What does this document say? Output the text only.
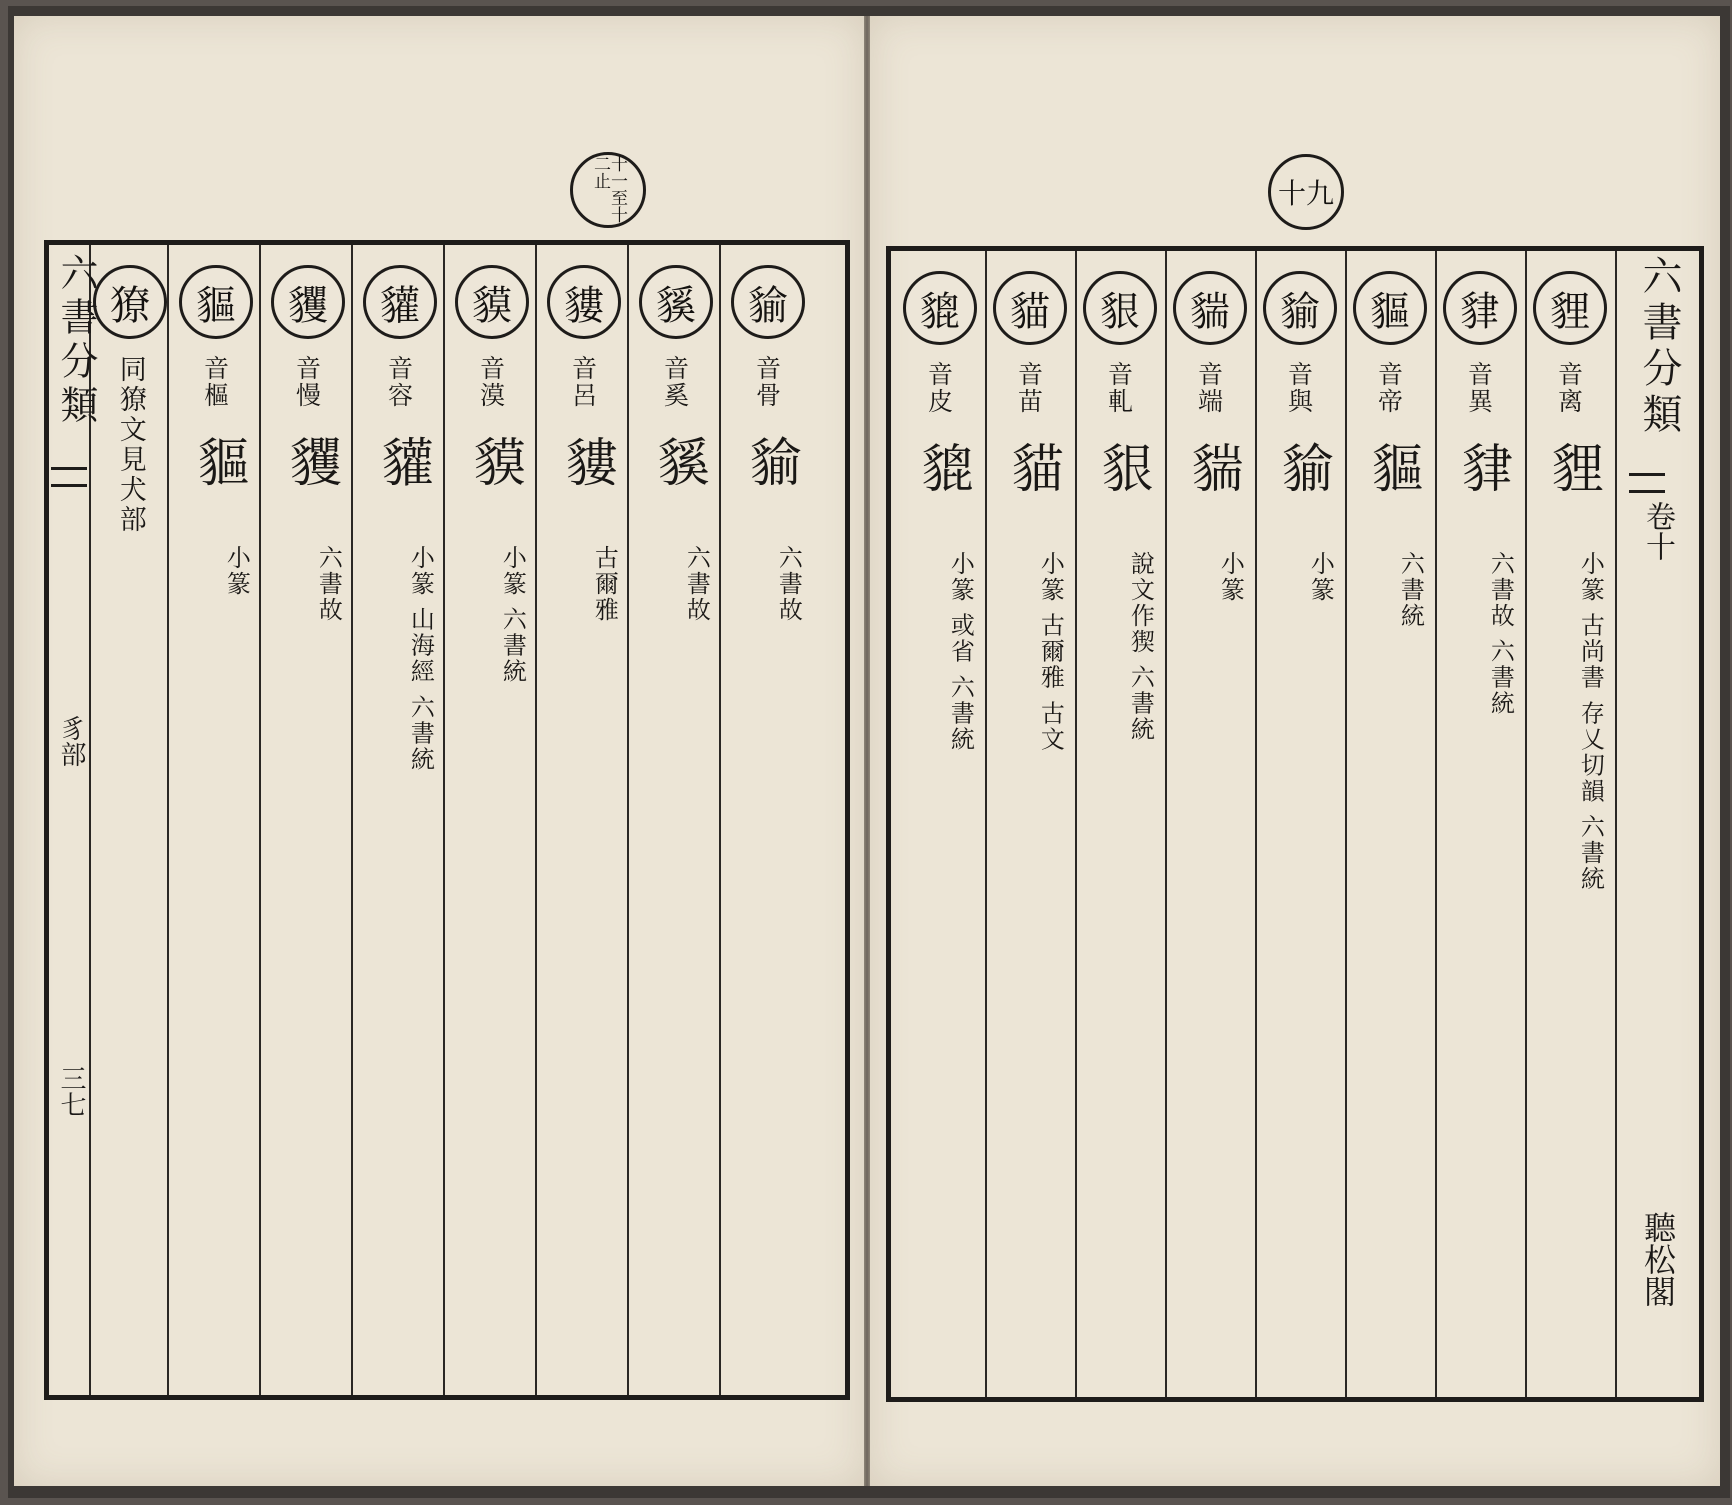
十一至十二止
六書分類
豸部
三七
貐
音骨
貐
六書故
貕
音奚
貕
六書故
貗
音呂
貗
古爾雅
貘
音漠
貘
小篆 六書統
貛
音容
貛
小篆 山海經 六書統
貜
音慢
貜
六書故
貙
音樞
貙
小篆
獠
同獠文見犬部
十九
六書分類
卷十
聽松閣
貍
音离
貍
小篆 古尚書 存乂切韻 六書統
貄
音異
貄
六書故 六書統
貙
音帝
貙
六書統
貐
音與
貐
小篆
貒
音端
貒
小篆
貇
音軋
貇
說文作猰 六書統
貓
音苗
貓
小篆 古爾雅 古文
貔
音皮
貔
小篆 或省 六書統
